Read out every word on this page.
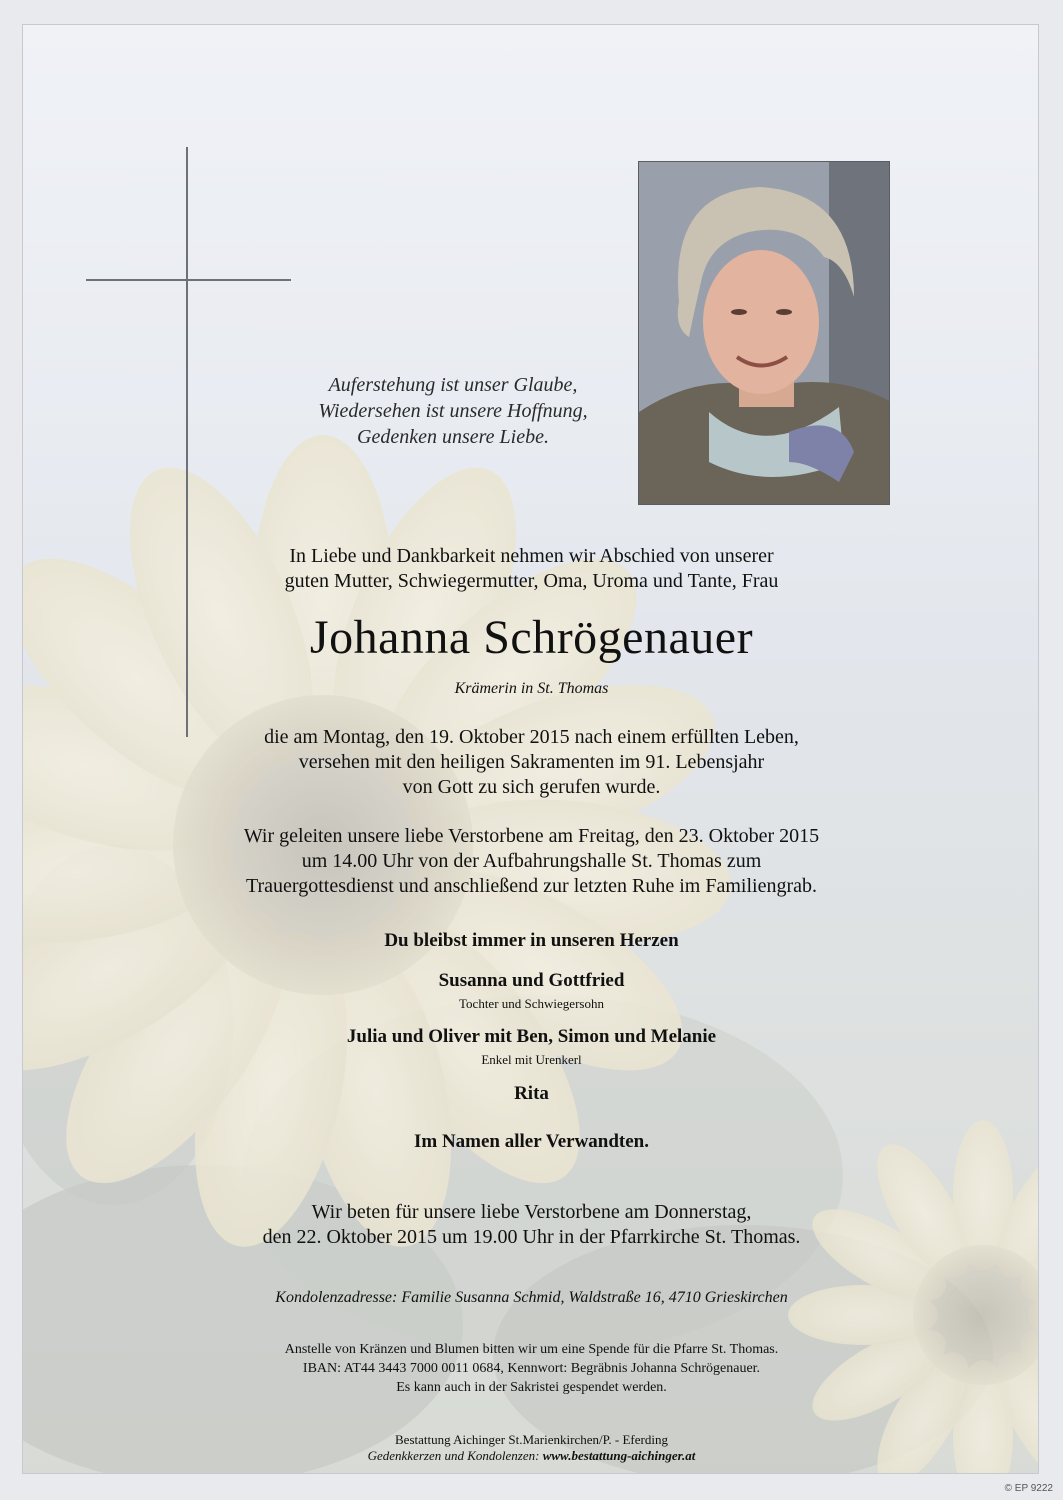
Auferstehung ist unser Glaube,
Wiedersehen ist unsere Hoffnung,
Gedenken unsere Liebe.
In Liebe und Dankbarkeit nehmen wir Abschied von unserer
guten Mutter, Schwiegermutter, Oma, Uroma und Tante, Frau
Johanna Schrögenauer
Krämerin in St. Thomas
die am Montag, den 19. Oktober 2015 nach einem erfüllten Leben,
versehen mit den heiligen Sakramenten im 91. Lebensjahr
von Gott zu sich gerufen wurde.
Wir geleiten unsere liebe Verstorbene am Freitag, den 23. Oktober 2015
um 14.00 Uhr von der Aufbahrungshalle St. Thomas zum
Trauergottesdienst und anschließend zur letzten Ruhe im Familiengrab.
Du bleibst immer in unseren Herzen
Susanna und Gottfried
Tochter und Schwiegersohn
Julia und Oliver mit Ben, Simon und Melanie
Enkel mit Urenkerl
Rita
Im Namen aller Verwandten.
Wir beten für unsere liebe Verstorbene am Donnerstag,
den 22. Oktober 2015 um 19.00 Uhr in der Pfarrkirche St. Thomas.
Kondolenzadresse: Familie Susanna Schmid, Waldstraße 16, 4710 Grieskirchen
Anstelle von Kränzen und Blumen bitten wir um eine Spende für die Pfarre St. Thomas.
IBAN: AT44 3443 7000 0011 0684, Kennwort: Begräbnis Johanna Schrögenauer.
Es kann auch in der Sakristei gespendet werden.
Bestattung Aichinger St.Marienkirchen/P. - Eferding
Gedenkkerzen und Kondolenzen: www.bestattung-aichinger.at
© EP 9222
